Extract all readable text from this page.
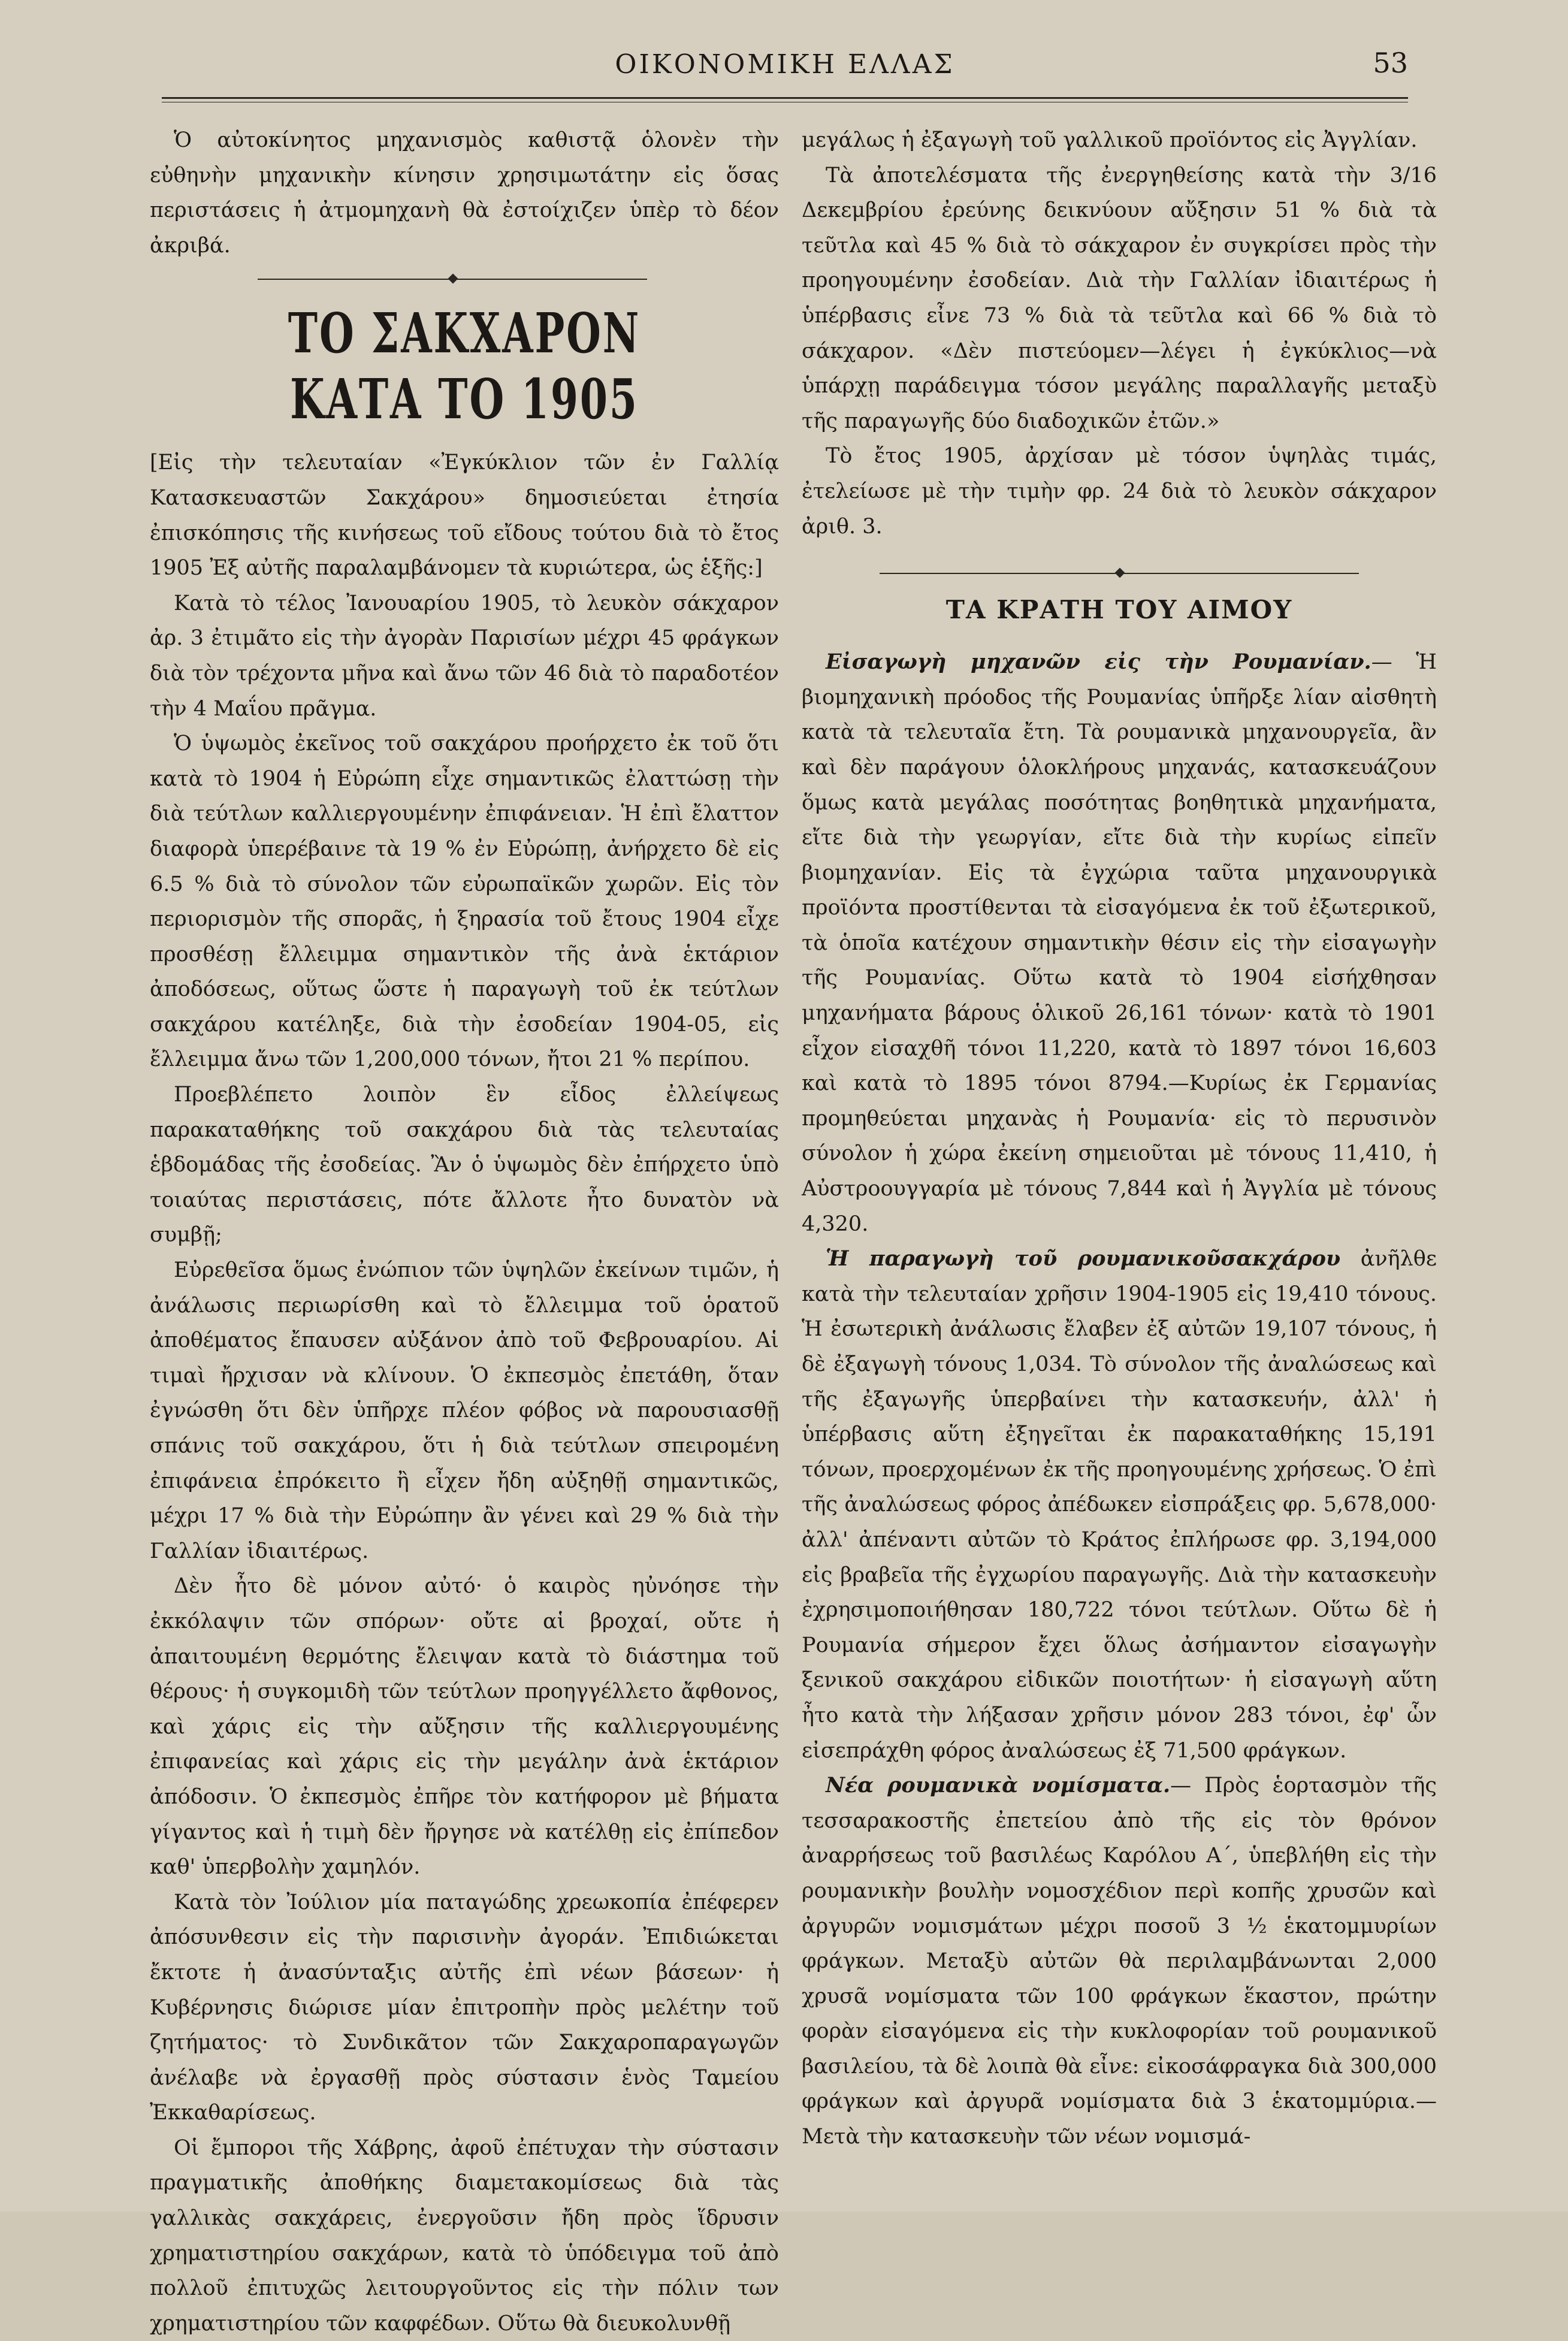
ΟΙΚΟΝΟΜΙΚΗ ΕΛΛΑΣ	53

Ὁ αὐτοκίνητος μηχανισμὸς καθιστᾷ ὁλονὲν τὴν εὐθηνὴν μηχανικὴν κίνησιν χρησιμωτάτην εἰς ὅσας περιστάσεις ἡ ἀτμομηχανὴ θὰ ἐστοίχιζεν ὑπὲρ τὸ δέον ἀκριβά.

ΤΟ ΣΑΚΧΑΡΟΝ ΚΑΤΑ ΤΟ 1905

[Εἰς τὴν τελευταίαν «Ἐγκύκλιον τῶν ἐν Γαλλίᾳ Κατασκευαστῶν Σακχάρου» δημοσιεύεται ἐτησία ἐπισκόπησις τῆς κινήσεως τοῦ εἴδους τούτου διὰ τὸ ἔτος 1905 Ἐξ αὐτῆς παραλαμβάνομεν τὰ κυριώτερα, ὡς ἑξῆς:]

Κατὰ τὸ τέλος Ἰανουαρίου 1905, τὸ λευκὸν σάκχαρον ἀρ. 3 ἐτιμᾶτο εἰς τὴν ἀγορὰν Παρισίων μέχρι 45 φράγκων διὰ τὸν τρέχοντα μῆνα καὶ ἄνω τῶν 46 διὰ τὸ παραδοτέον τὴν 4 Μαΐου πρᾶγμα.

Ὁ ὑψωμὸς ἐκεῖνος τοῦ σακχάρου προήρχετο ἐκ τοῦ ὅτι κατὰ τὸ 1904 ἡ Εὐρώπη εἶχε σημαντικῶς ἐλαττώσῃ τὴν διὰ τεύτλων καλλιεργουμένην ἐπιφάνειαν. Ἡ ἐπὶ ἔλαττον διαφορὰ ὑπερέβαινε τὰ 19 % ἐν Εὐρώπῃ, ἀνήρχετο δὲ εἰς 6.5 % διὰ τὸ σύνολον τῶν εὐρωπαϊκῶν χωρῶν. Εἰς τὸν περιορισμὸν τῆς σπορᾶς, ἡ ξηρασία τοῦ ἔτους 1904 εἶχε προσθέσῃ ἔλλειμμα σημαντικὸν τῆς ἀνὰ ἑκτάριον ἀποδόσεως, οὕτως ὥστε ἡ παραγωγὴ τοῦ ἐκ τεύτλων σακχάρου κατέληξε, διὰ τὴν ἐσοδείαν 1904-05, εἰς ἔλλειμμα ἄνω τῶν 1,200,000 τόνων, ἤτοι 21 % περίπου.

Προεβλέπετο λοιπὸν ἓν εἶδος ἐλλείψεως παρακαταθήκης τοῦ σακχάρου διὰ τὰς τελευταίας ἑβδομάδας τῆς ἐσοδείας. Ἂν ὁ ὑψωμὸς δὲν ἐπήρχετο ὑπὸ τοιαύτας περιστάσεις, πότε ἄλλοτε ἦτο δυνατὸν νὰ συμβῇ;

Εὐρεθεῖσα ὅμως ἐνώπιον τῶν ὑψηλῶν ἐκείνων τιμῶν, ἡ ἀνάλωσις περιωρίσθη καὶ τὸ ἔλλειμμα τοῦ ὁρατοῦ ἀποθέματος ἔπαυσεν αὐξάνον ἀπὸ τοῦ Φεβρουαρίου. Αἱ τιμαὶ ἤρχισαν νὰ κλίνουν. Ὁ ἐκπεσμὸς ἐπετάθη, ὅταν ἐγνώσθη ὅτι δὲν ὑπῆρχε πλέον φόβος νὰ παρουσιασθῇ σπάνις τοῦ σακχάρου, ὅτι ἡ διὰ τεύτλων σπειρομένη ἐπιφάνεια ἐπρόκειτο ἢ εἶχεν ἤδη αὐξηθῇ σημαντικῶς, μέχρι 17 % διὰ τὴν Εὐρώπην ἂν γένει καὶ 29 % διὰ τὴν Γαλλίαν ἰδιαιτέρως.

Δὲν ἦτο δὲ μόνον αὐτό· ὁ καιρὸς ηὐνόησε τὴν ἐκκόλαψιν τῶν σπόρων· οὔτε αἱ βροχαί, οὔτε ἡ ἀπαιτουμένη θερμότης ἔλειψαν κατὰ τὸ διάστημα τοῦ θέρους· ἡ συγκομιδὴ τῶν τεύτλων προηγγέλλετο ἄφθονος, καὶ χάρις εἰς τὴν αὔξησιν τῆς καλλιεργουμένης ἐπιφανείας καὶ χάρις εἰς τὴν μεγάλην ἀνὰ ἑκτάριον ἀπόδοσιν. Ὁ ἐκπεσμὸς ἐπῆρε τὸν κατήφορον μὲ βήματα γίγαντος καὶ ἡ τιμὴ δὲν ἤργησε νὰ κατέλθῃ εἰς ἐπίπεδον καθ' ὑπερβολὴν χαμηλόν.

Κατὰ τὸν Ἰούλιον μία παταγώδης χρεωκοπία ἐπέφερεν ἀπόσυνθεσιν εἰς τὴν παρισινὴν ἀγοράν. Ἐπιδιώκεται ἔκτοτε ἡ ἀνασύνταξις αὐτῆς ἐπὶ νέων βάσεων· ἡ Κυβέρνησις διώρισε μίαν ἐπιτροπὴν πρὸς μελέτην τοῦ ζητήματος· τὸ Συνδικᾶτον τῶν Σακχαροπαραγωγῶν ἀνέλαβε νὰ ἐργασθῇ πρὸς σύστασιν ἑνὸς Ταμείου Ἐκκαθαρίσεως.

Οἱ ἔμποροι τῆς Χάβρης, ἀφοῦ ἐπέτυχαν τὴν σύστασιν πραγματικῆς ἀποθήκης διαμετακομίσεως διὰ τὰς γαλλικὰς σακχάρεις, ἐνεργοῦσιν ἤδη πρὸς ἵδρυσιν χρηματιστηρίου σακχάρων, κατὰ τὸ ὑπόδειγμα τοῦ ἀπὸ πολλοῦ ἐπιτυχῶς λειτουργοῦντος εἰς τὴν πόλιν των χρηματιστηρίου τῶν καφφέδων. Οὕτω θὰ διευκολυνθῇ

μεγάλως ἡ ἐξαγωγὴ τοῦ γαλλικοῦ προϊόντος εἰς Ἀγγλίαν.

Τὰ ἀποτελέσματα τῆς ἐνεργηθείσης κατὰ τὴν 3/16 Δεκεμβρίου ἐρεύνης δεικνύουν αὔξησιν 51 % διὰ τὰ τεῦτλα καὶ 45 % διὰ τὸ σάκχαρον ἐν συγκρίσει πρὸς τὴν προηγουμένην ἐσοδείαν. Διὰ τὴν Γαλλίαν ἰδιαιτέρως ἡ ὑπέρβασις εἶνε 73 % διὰ τὰ τεῦτλα καὶ 66 % διὰ τὸ σάκχαρον. «Δὲν πιστεύομεν—λέγει ἡ ἐγκύκλιος—νὰ ὑπάρχῃ παράδειγμα τόσον μεγάλης παραλλαγῆς μεταξὺ τῆς παραγωγῆς δύο διαδοχικῶν ἐτῶν.»

Τὸ ἔτος 1905, ἀρχίσαν μὲ τόσον ὑψηλὰς τιμάς, ἐτελείωσε μὲ τὴν τιμὴν φρ. 24 διὰ τὸ λευκὸν σάκχαρον ἀριθ. 3.

ΤΑ ΚΡΑΤΗ ΤΟΥ ΑΙΜΟΥ

Εἰσαγωγὴ μηχανῶν εἰς τὴν Ρουμανίαν.— Ἡ βιομηχανικὴ πρόοδος τῆς Ρουμανίας ὑπῆρξε λίαν αἰσθητὴ κατὰ τὰ τελευταῖα ἔτη. Τὰ ρουμανικὰ μηχανουργεῖα, ἂν καὶ δὲν παράγουν ὁλοκλήρους μηχανάς, κατασκευάζουν ὅμως κατὰ μεγάλας ποσότητας βοηθητικὰ μηχανήματα, εἴτε διὰ τὴν γεωργίαν, εἴτε διὰ τὴν κυρίως εἰπεῖν βιομηχανίαν. Εἰς τὰ ἐγχώρια ταῦτα μηχανουργικὰ προϊόντα προστίθενται τὰ εἰσαγόμενα ἐκ τοῦ ἐξωτερικοῦ, τὰ ὁποῖα κατέχουν σημαντικὴν θέσιν εἰς τὴν εἰσαγωγὴν τῆς Ρουμανίας. Οὕτω κατὰ τὸ 1904 εἰσήχθησαν μηχανήματα βάρους ὁλικοῦ 26,161 τόνων· κατὰ τὸ 1901 εἶχον εἰσαχθῆ τόνοι 11,220, κατὰ τὸ 1897 τόνοι 16,603 καὶ κατὰ τὸ 1895 τόνοι 8794.—Κυρίως ἐκ Γερμανίας προμηθεύεται μηχανὰς ἡ Ρουμανία· εἰς τὸ περυσινὸν σύνολον ἡ χώρα ἐκείνη σημειοῦται μὲ τόνους 11,410, ἡ Αὐστροουγγαρία μὲ τόνους 7,844 καὶ ἡ Ἀγγλία μὲ τόνους 4,320.

Ἡ παραγωγὴ τοῦ ρουμανικοῦσακχάρου ἀνῆλθε κατὰ τὴν τελευταίαν χρῆσιν 1904-1905 εἰς 19,410 τόνους. Ἡ ἐσωτερικὴ ἀνάλωσις ἔλαβεν ἐξ αὐτῶν 19,107 τόνους, ἡ δὲ ἐξαγωγὴ τόνους 1,034. Τὸ σύνολον τῆς ἀναλώσεως καὶ τῆς ἐξαγωγῆς ὑπερβαίνει τὴν κατασκευήν, ἀλλ' ἡ ὑπέρβασις αὕτη ἐξηγεῖται ἐκ παρακαταθήκης 15,191 τόνων, προερχομένων ἐκ τῆς προηγουμένης χρήσεως. Ὁ ἐπὶ τῆς ἀναλώσεως φόρος ἀπέδωκεν εἰσπράξεις φρ. 5,678,000· ἀλλ' ἀπέναντι αὐτῶν τὸ Κράτος ἐπλήρωσε φρ. 3,194,000 εἰς βραβεῖα τῆς ἐγχωρίου παραγωγῆς. Διὰ τὴν κατασκευὴν ἐχρησιμοποιήθησαν 180,722 τόνοι τεύτλων. Οὕτω δὲ ἡ Ρουμανία σήμερον ἔχει ὅλως ἀσήμαντον εἰσαγωγὴν ξενικοῦ σακχάρου εἰδικῶν ποιοτήτων· ἡ εἰσαγωγὴ αὕτη ἦτο κατὰ τὴν λήξασαν χρῆσιν μόνον 283 τόνοι, ἐφ' ὧν εἰσεπράχθη φόρος ἀναλώσεως ἐξ 71,500 φράγκων.

Νέα ρουμανικὰ νομίσματα.— Πρὸς ἑορτασμὸν τῆς τεσσαρακοστῆς ἐπετείου ἀπὸ τῆς εἰς τὸν θρόνον ἀναρρήσεως τοῦ βασιλέως Καρόλου Α΄, ὑπεβλήθη εἰς τὴν ρουμανικὴν βουλὴν νομοσχέδιον περὶ κοπῆς χρυσῶν καὶ ἀργυρῶν νομισμάτων μέχρι ποσοῦ 3 ½ ἑκατομμυρίων φράγκων. Μεταξὺ αὐτῶν θὰ περιλαμβάνωνται 2,000 χρυσᾶ νομίσματα τῶν 100 φράγκων ἕκαστον, πρώτην φορὰν εἰσαγόμενα εἰς τὴν κυκλοφορίαν τοῦ ρουμανικοῦ βασιλείου, τὰ δὲ λοιπὰ θὰ εἶνε: εἰκοσάφραγκα διὰ 300,000 φράγκων καὶ ἀργυρᾶ νομίσματα διὰ 3 ἑκατομμύρια.— Μετὰ τὴν κατασκευὴν τῶν νέων νομισμά-
